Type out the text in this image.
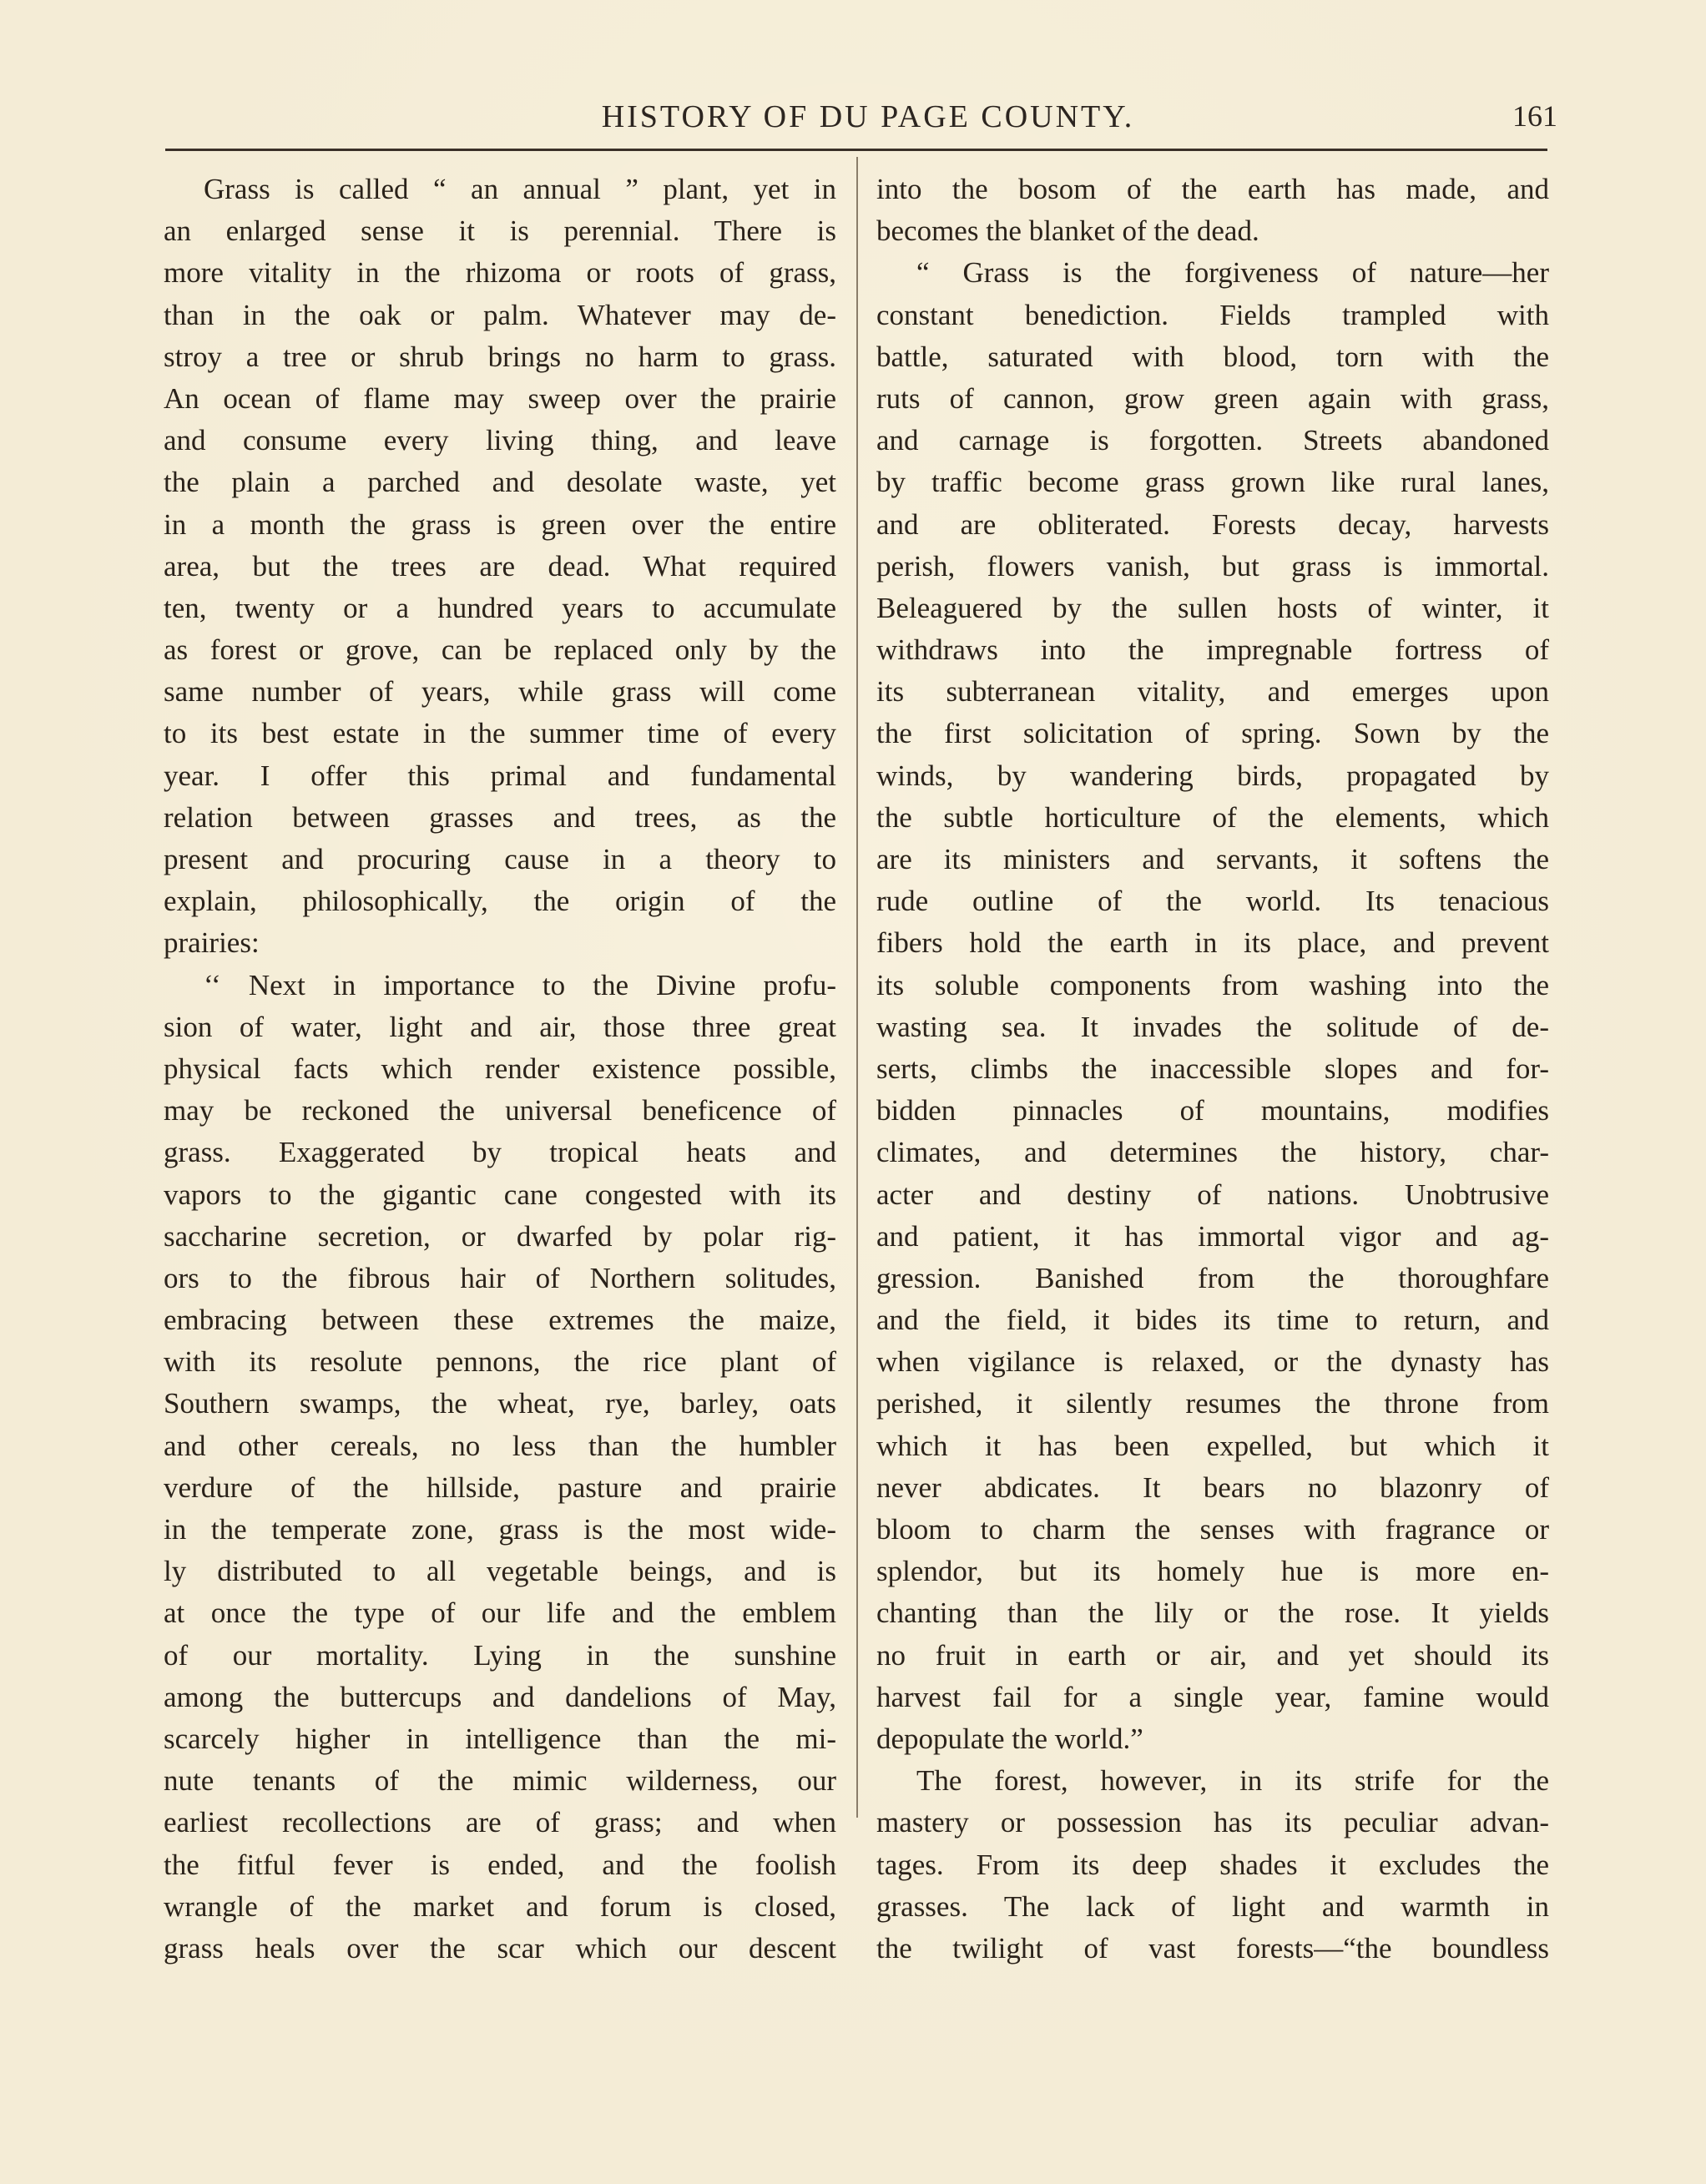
HISTORY OF DU PAGE COUNTY.	161
Grass is called “ an annual ” plant, yet in
an enlarged sense it is perennial. There is
more vitality in the rhizoma or roots of grass,
than in the oak or palm. Whatever may de-
stroy a tree or shrub brings no harm to grass.
An ocean of flame may sweep over the prairie
and consume every living thing, and leave
the plain a parched and desolate waste, yet
in a month the grass is green over the entire
area, but the trees are dead. What required
ten, twenty or a hundred years to accumulate
as forest or grove, can be replaced only by the
same number of years, while grass will come
to its best estate in the summer time of every
year. I offer this primal and fundamental
relation between grasses and trees, as the
present and procuring cause in a theory to
explain, philosophically, the origin of the
prairies:
‘‘ Next in importance to the Divine profu-
sion of water, light and air, those three great
physical facts which render existence possible,
may be reckoned the universal beneficence of
grass. Exaggerated by tropical heats and
vapors to the gigantic cane congested with its
saccharine secretion, or dwarfed by polar rig-
ors to the fibrous hair of Northern solitudes,
embracing between these extremes the maize,
with its resolute pennons, the rice plant of
Southern swamps, the wheat, rye, barley, oats
and other cereals, no less than the humbler
verdure of the hillside, pasture and prairie
in the temperate zone, grass is the most wide-
ly distributed to all vegetable beings, and is
at once the type of our life and the emblem
of our mortality. Lying in the sunshine
among the buttercups and dandelions of May,
scarcely higher in intelligence than the mi-
nute tenants of the mimic wilderness, our
earliest recollections are of grass; and when
the fitful fever is ended, and the foolish
wrangle of the market and forum is closed,
grass heals over the scar which our descent
into the bosom of the earth has made, and
becomes the blanket of the dead.
“ Grass is the forgiveness of nature—her
constant benediction. Fields trampled with
battle, saturated with blood, torn with the
ruts of cannon, grow green again with grass,
and carnage is forgotten. Streets abandoned
by traffic become grass grown like rural lanes,
and are obliterated. Forests decay, harvests
perish, flowers vanish, but grass is immortal.
Beleaguered by the sullen hosts of winter, it
withdraws into the impregnable fortress of
its subterranean vitality, and emerges upon
the first solicitation of spring. Sown by the
winds, by wandering birds, propagated by
the subtle horticulture of the elements, which
are its ministers and servants, it softens the
rude outline of the world. Its tenacious
fibers hold the earth in its place, and prevent
its soluble components from washing into the
wasting sea. It invades the solitude of de-
serts, climbs the inaccessible slopes and for-
bidden pinnacles of mountains, modifies
climates, and determines the history, char-
acter and destiny of nations. Unobtrusive
and patient, it has immortal vigor and ag-
gression. Banished from the thoroughfare
and the field, it bides its time to return, and
when vigilance is relaxed, or the dynasty has
perished, it silently resumes the throne from
which it has been expelled, but which it
never abdicates. It bears no blazonry of
bloom to charm the senses with fragrance or
splendor, but its homely hue is more en-
chanting than the lily or the rose. It yields
no fruit in earth or air, and yet should its
harvest fail for a single year, famine would
depopulate the world.”
The forest, however, in its strife for the
mastery or possession has its peculiar advan-
tages. From its deep shades it excludes the
grasses. The lack of light and warmth in
the twilight of vast forests—“the boundless
